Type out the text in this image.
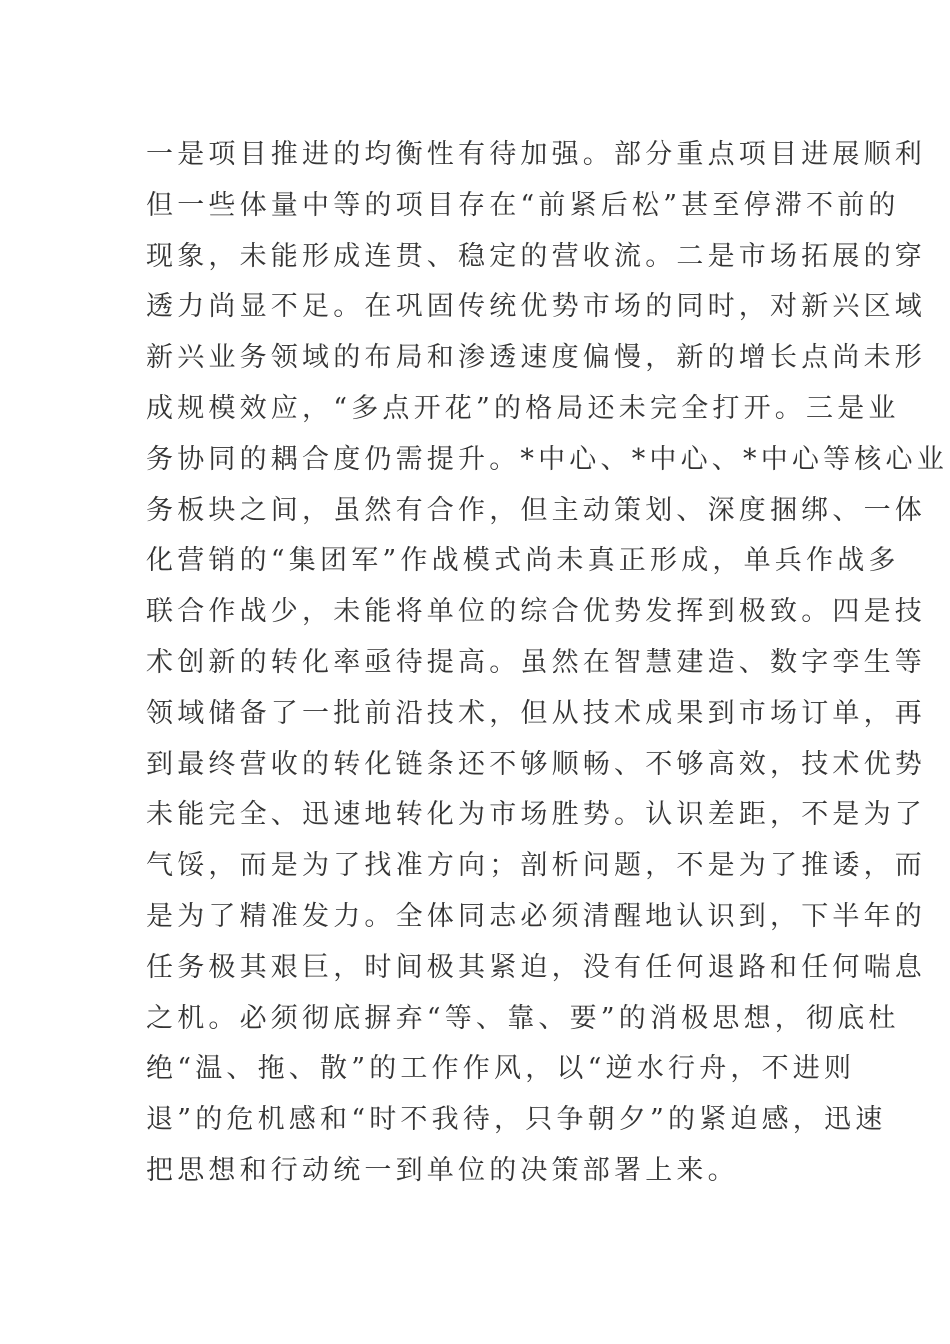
一是项目推进的均衡性有待加强。部分重点项目进展顺利
但一些体量中等的项目存在“前紧后松”甚至停滞不前的
现象，未能形成连贯、稳定的营收流。二是市场拓展的穿
透力尚显不足。在巩固传统优势市场的同时，对新兴区域
新兴业务领域的布局和渗透速度偏慢，新的增长点尚未形
成规模效应，“多点开花”的格局还未完全打开。三是业
务协同的耦合度仍需提升。*中心、*中心、*中心等核心业
务板块之间，虽然有合作，但主动策划、深度捆绑、一体
化营销的“集团军”作战模式尚未真正形成，单兵作战多
联合作战少，未能将单位的综合优势发挥到极致。四是技
术创新的转化率亟待提高。虽然在智慧建造、数字孪生等
领域储备了一批前沿技术，但从技术成果到市场订单，再
到最终营收的转化链条还不够顺畅、不够高效，技术优势
未能完全、迅速地转化为市场胜势。认识差距，不是为了
气馁，而是为了找准方向；剖析问题，不是为了推诿，而
是为了精准发力。全体同志必须清醒地认识到，下半年的
任务极其艰巨，时间极其紧迫，没有任何退路和任何喘息
之机。必须彻底摒弃“等、靠、要”的消极思想，彻底杜
绝“温、拖、散”的工作作风，以“逆水行舟，不进则
退”的危机感和“时不我待，只争朝夕”的紧迫感，迅速
把思想和行动统一到单位的决策部署上来。
